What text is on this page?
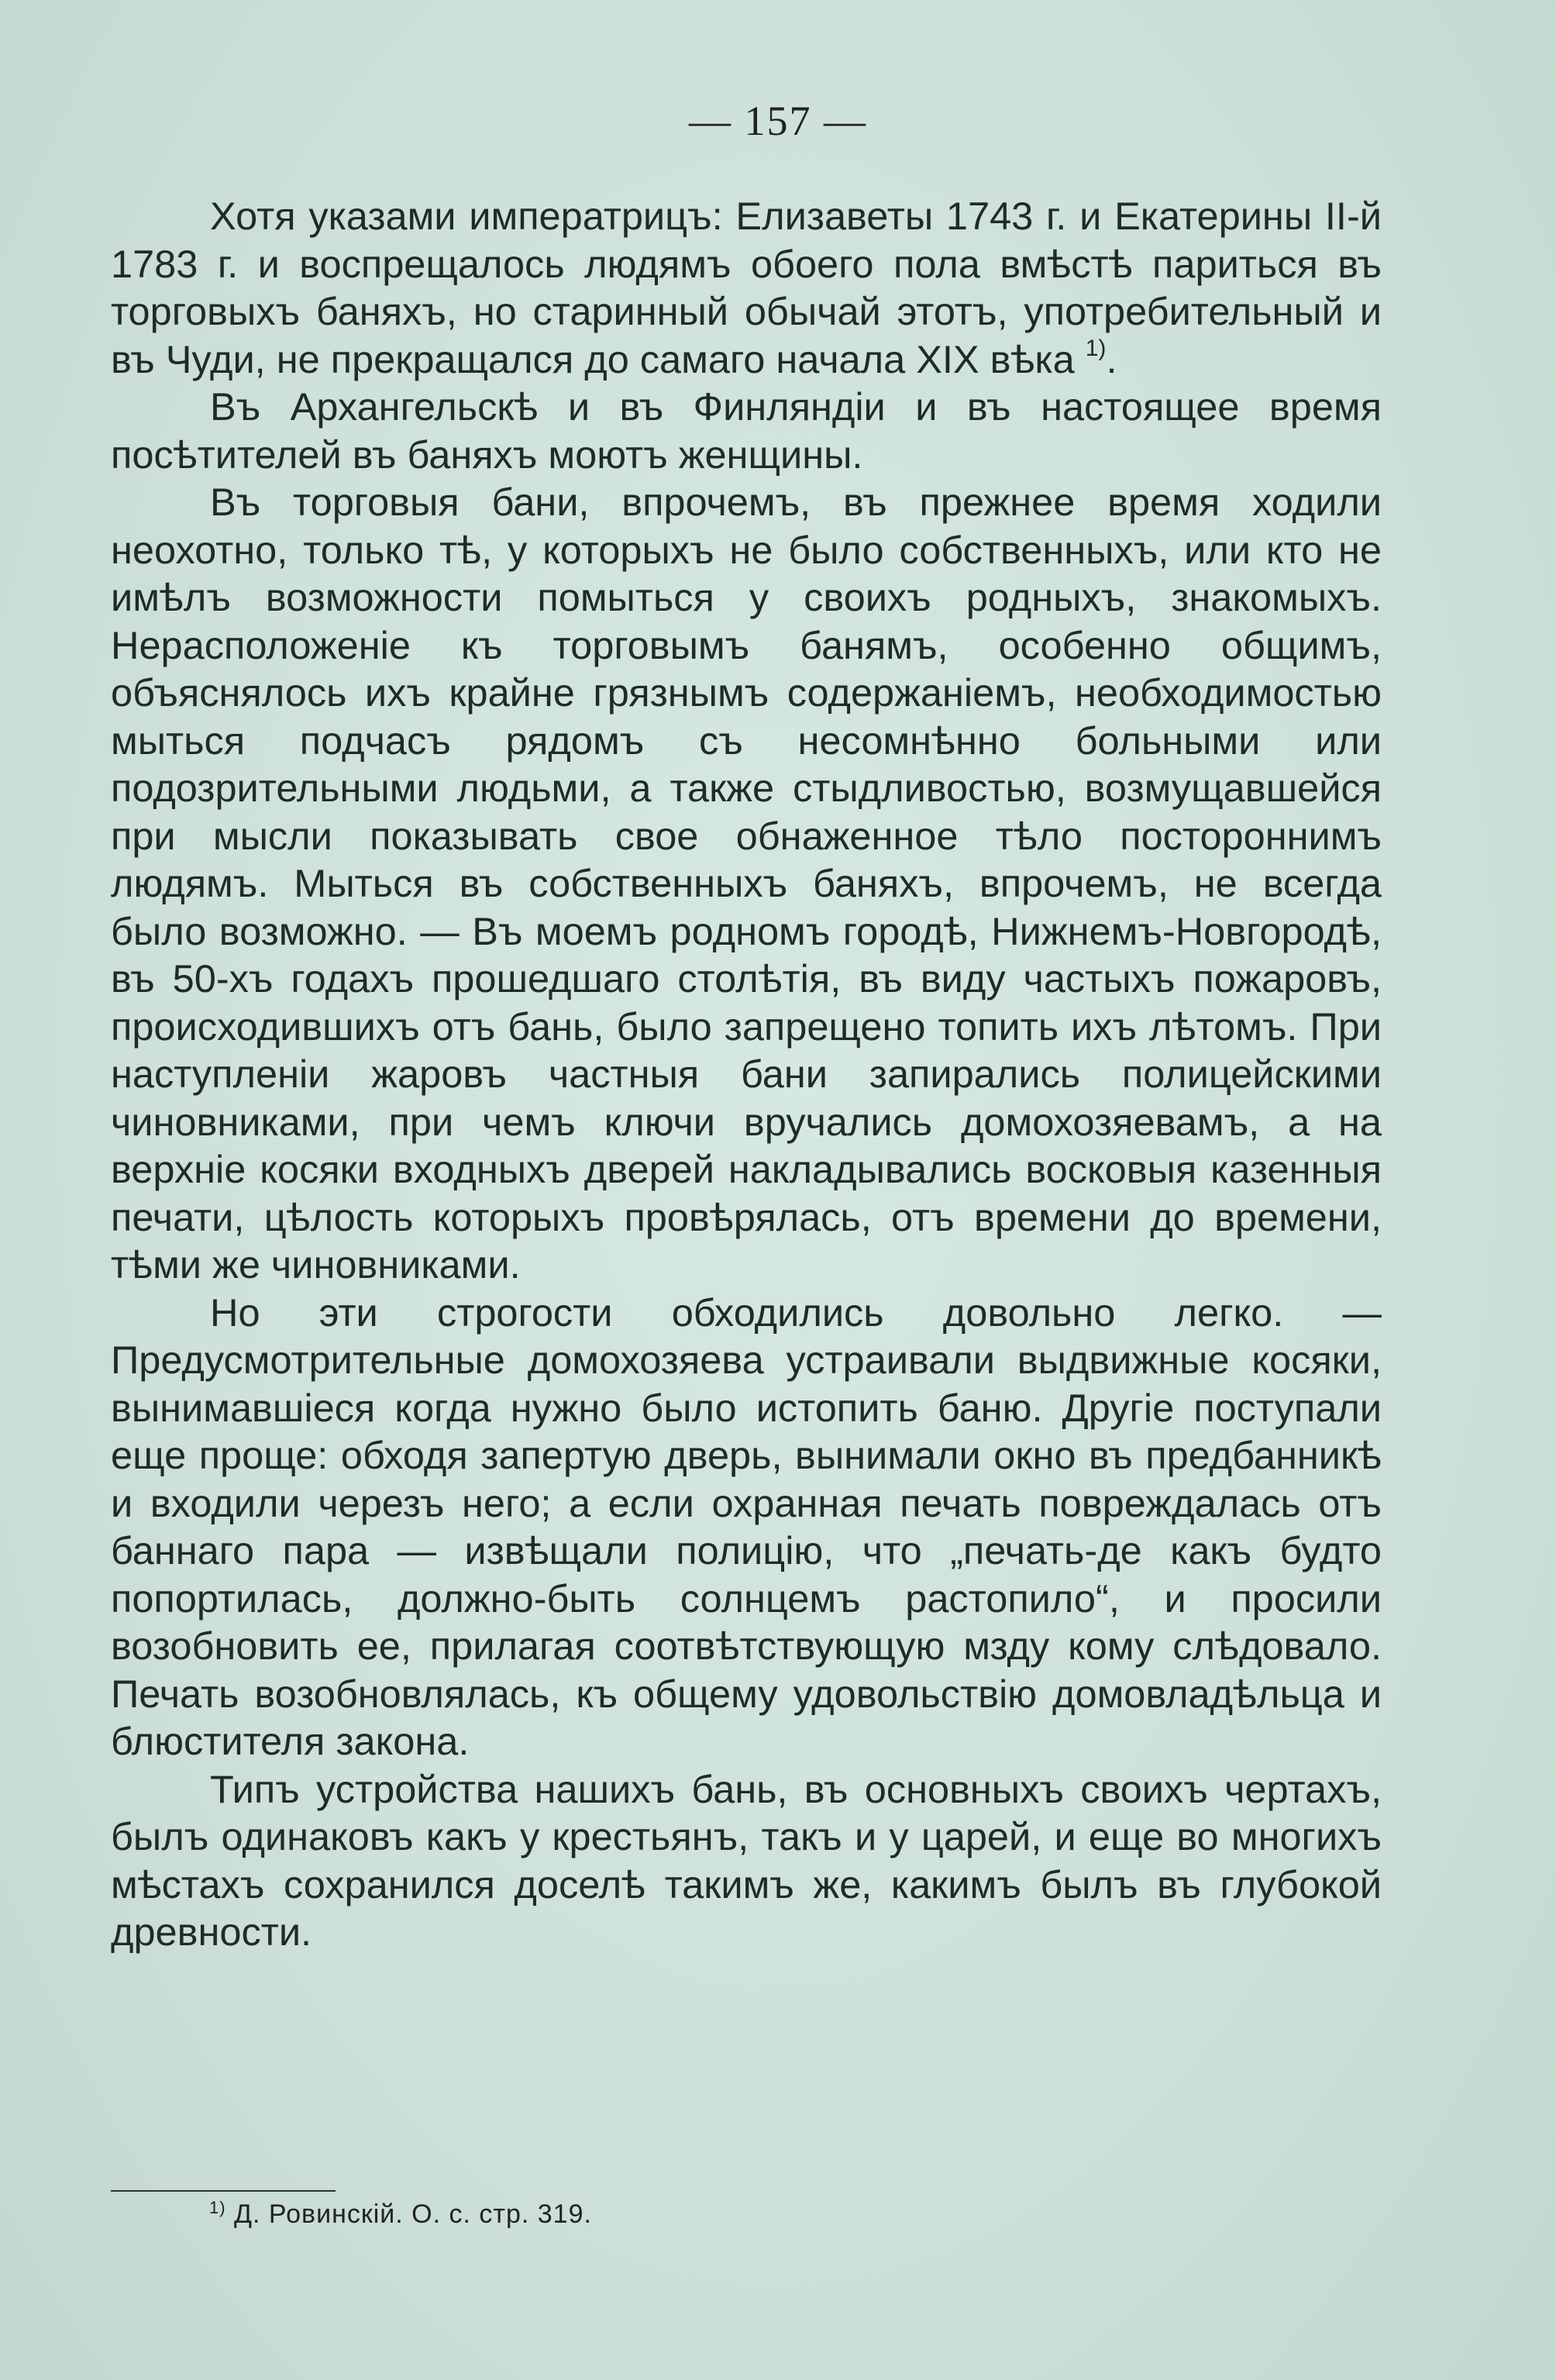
— 157 —

Хотя указами императрицъ: Елизаветы 1743 г. и Екатерины II-й 1783 г. и воспрещалось людямъ обоего пола вмѣстѣ париться въ торговыхъ баняхъ, но старинный обычай этотъ, употребительный и въ Чуди, не прекращался до самаго начала XIX вѣка $^{1)}$.

Въ Архангельскѣ и въ Финляндіи и въ настоящее время посѣтителей въ баняхъ моютъ женщины.

Въ торговыя бани, впрочемъ, въ прежнее время ходили неохотно, только тѣ, у которыхъ не было собственныхъ, или кто не имѣлъ возможности помыться у своихъ родныхъ, знакомыхъ. Нерасположеніе къ торговымъ банямъ, особенно общимъ, объяснялось ихъ крайне грязнымъ содержаніемъ, необходимостью мыться подчасъ рядомъ съ несомнѣнно больными или подозрительными людьми, а также стыдливостью, возмущавшейся при мысли показывать свое обнаженное тѣло постороннимъ людямъ. Мыться въ собственныхъ баняхъ, впрочемъ, не всегда было возможно. — Въ моемъ родномъ городѣ, Нижнемъ-Новгородѣ, въ 50-хъ годахъ прошедшаго столѣтія, въ виду частыхъ пожаровъ, происходившихъ отъ бань, было запрещено топить ихъ лѣтомъ. При наступленіи жаровъ частныя бани запирались полицейскими чиновниками, при чемъ ключи вручались домохозяевамъ, а на верхніе косяки входныхъ дверей накладывались восковыя казенныя печати, цѣлость которыхъ провѣрялась, отъ времени до времени, тѣми же чиновниками.

Но эти строгости обходились довольно легко. — Предусмотрительные домохозяева устраивали выдвижные косяки, вынимавшіеся когда нужно было истопить баню. Другіе поступали еще проще: обходя запертую дверь, вынимали окно въ предбанникѣ и входили черезъ него; а если охранная печать повреждалась отъ баннаго пара — извѣщали полицію, что „печать-де какъ будто попортилась, должно-быть солнцемъ растопило“, и просили возобновить ее, прилагая соотвѣтствующую мзду кому слѣдовало. Печать возобновлялась, къ общему удовольствію домовладѣльца и блюстителя закона.

Типъ устройства нашихъ бань, въ основныхъ своихъ чертахъ, былъ одинаковъ какъ у крестьянъ, такъ и у царей, и еще во многихъ мѣстахъ сохранился доселѣ такимъ же, какимъ былъ въ глубокой древности.

$^{1)}$ Д. Ровинскій. О. с. стр. 319.
